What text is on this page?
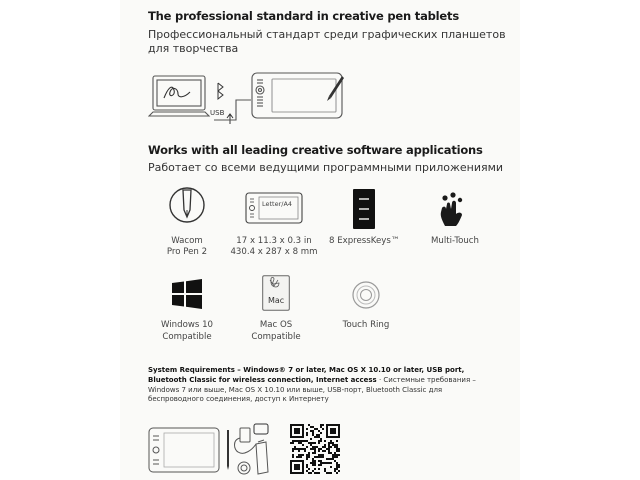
The professional standard in creative pen tablets
Профессиональный стандарт среди графических планшетов
для творчества
USB
Works with all leading creative software applications
Работает со всеми ведущими программными приложениями
Wacom
Pro Pen 2
Letter/A4
17 x 11.3 x 0.3 in
430.4 x 287 x 8 mm
8 ExpressKeys™	Multi-Touch
Windows 10
Compatible
Mac
Mac OS
Compatible
Touch Ring
System Requirements – Windows® 7 or later, Mac OS X 10.10 or later, USB port, Bluetooth Classic for wireless connection, Internet access · Системные требования – Windows 7 или выше, Mac OS X 10.10 или выше, USB-порт, Bluetooth Classic для беспроводного соединения, доступ к Интернету
